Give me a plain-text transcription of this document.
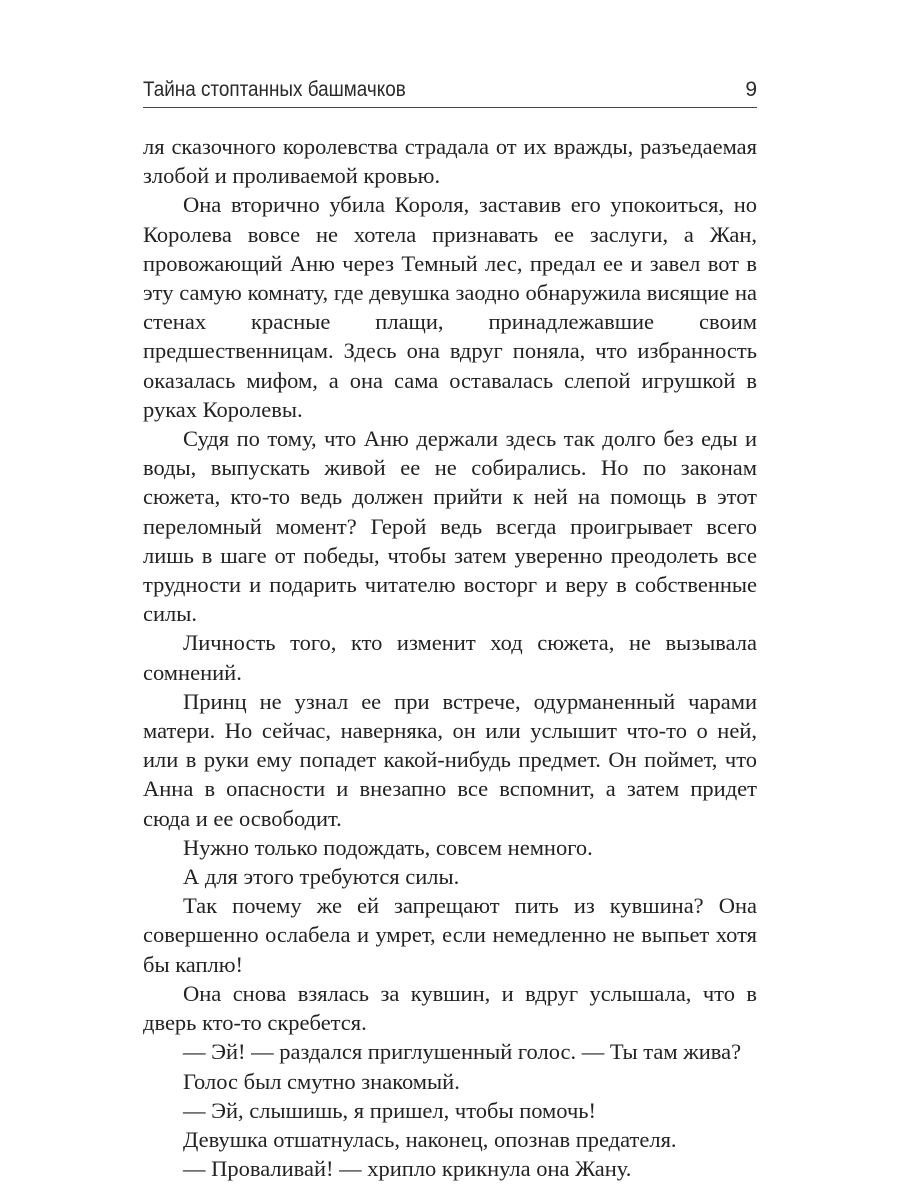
Тайна стоптанных башмачков	9

ля сказочного королевства страдала от их вражды, разъедаемая злобой и проливаемой кровью.

Она вторично убила Короля, заставив его упокоиться, но Королева вовсе не хотела признавать ее заслуги, а Жан, провожающий Аню через Темный лес, предал ее и завел вот в эту самую комнату, где девушка заодно обнаружила висящие на стенах красные плащи, принадлежавшие своим предшественницам. Здесь она вдруг поняла, что избранность оказалась мифом, а она сама оставалась слепой игрушкой в руках Королевы.

Судя по тому, что Аню держали здесь так долго без еды и воды, выпускать живой ее не собирались. Но по законам сюжета, кто-то ведь должен прийти к ней на помощь в этот переломный момент? Герой ведь всегда проигрывает всего лишь в шаге от победы, чтобы затем уверенно преодолеть все трудности и подарить читателю восторг и веру в собственные силы.

Личность того, кто изменит ход сюжета, не вызывала сомнений.

Принц не узнал ее при встрече, одурманенный чарами матери. Но сейчас, наверняка, он или услышит что-то о ней, или в руки ему попадет какой-нибудь предмет. Он поймет, что Анна в опасности и внезапно все вспомнит, а затем придет сюда и ее освободит.

Нужно только подождать, совсем немного.

А для этого требуются силы.

Так почему же ей запрещают пить из кувшина? Она совершенно ослабела и умрет, если немедленно не выпьет хотя бы каплю!

Она снова взялась за кувшин, и вдруг услышала, что в дверь кто-то скребется.

— Эй! — раздался приглушенный голос. — Ты там жива?

Голос был смутно знакомый.

— Эй, слышишь, я пришел, чтобы помочь!

Девушка отшатнулась, наконец, опознав предателя.

— Проваливай! — хрипло крикнула она Жану.
